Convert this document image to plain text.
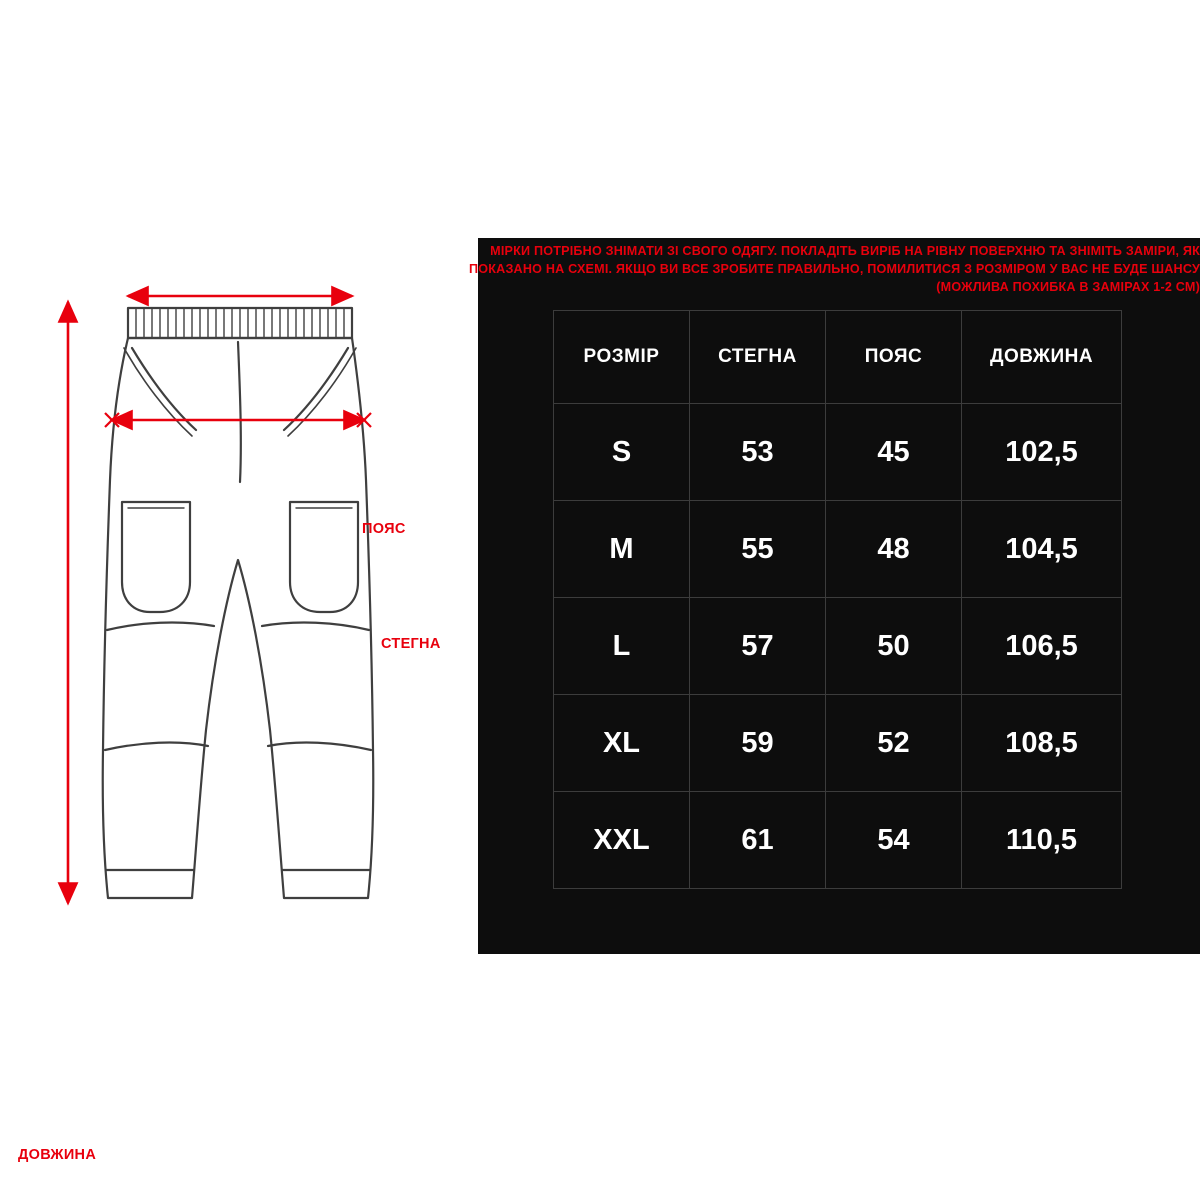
ПОЯС
СТЕГНА
ДОВЖИНА
РОЗМІР	СТЕГНА	ПОЯС	ДОВЖИНА
S	53	45	102,5
M	55	48	104,5
L	57	50	106,5
XL	59	52	108,5
XXL	61	54	110,5
МІРКИ ПОТРІБНО ЗНІМАТИ ЗІ СВОГО ОДЯГУ. ПОКЛАДІТЬ ВИРІБ НА РІВНУ ПОВЕРХНЮ ТА ЗНІМІТЬ ЗАМІРИ, ЯК
ПОКАЗАНО НА СХЕМІ. ЯКЩО ВИ ВСЕ ЗРОБИТЕ ПРАВИЛЬНО, ПОМИЛИТИСЯ З РОЗМІРОМ У ВАС НЕ БУДЕ ШАНСУ
(МОЖЛИВА ПОХИБКА В ЗАМІРАХ 1-2 СМ)
